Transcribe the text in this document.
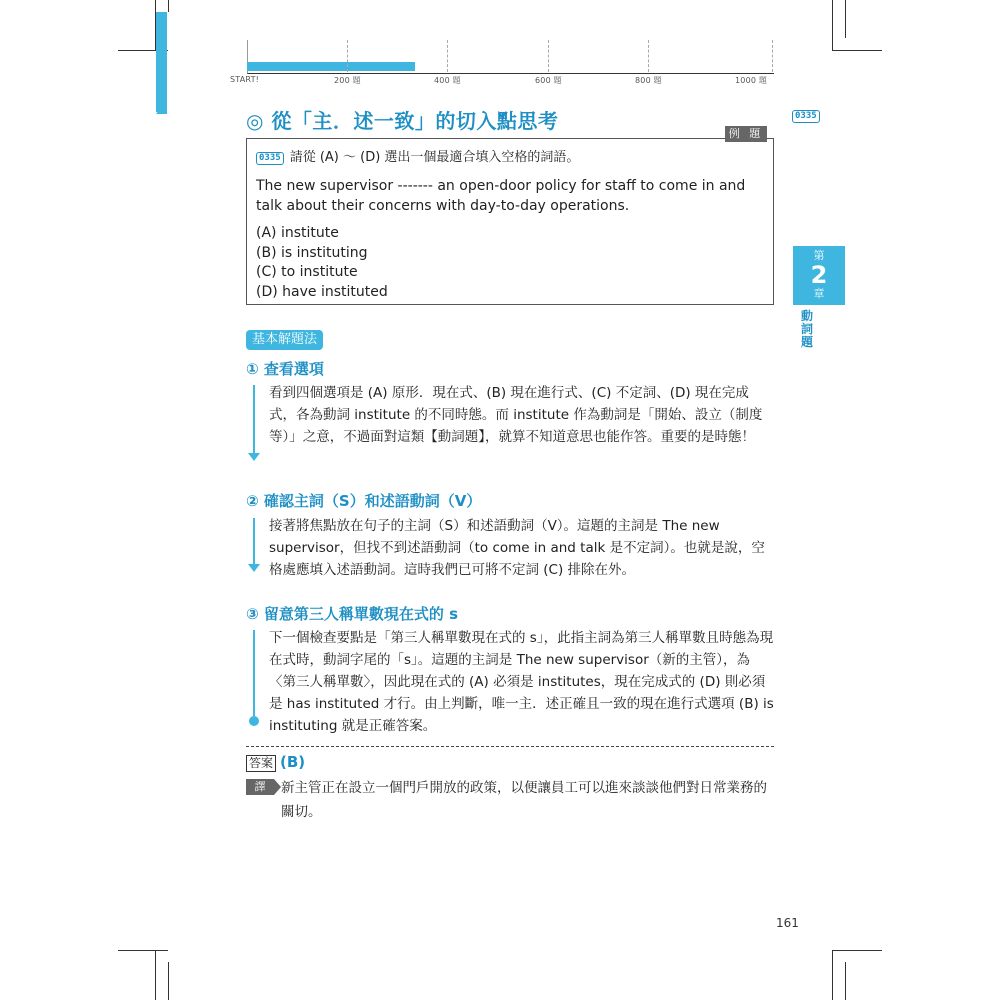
START!	200 題	400 題	600 題	800 題	1000 題
◎ 從「主．述一致」的切入點思考	0335
例 題
0335 請從 (A) ～ (D) 選出一個最適合填入空格的詞語。
The new supervisor ------- an open-door policy for staff to come in and talk about their concerns with day-to-day operations.
(A) institute
(B) is instituting
(C) to institute
(D) have instituted
第
2
章
動詞題
基本解題法
① 查看選項
看到四個選項是 (A) 原形．現在式、(B) 現在進行式、(C) 不定詞、(D) 現在完成式，各為動詞 institute 的不同時態。而 institute 作為動詞是「開始、設立（制度等）」之意，不過面對這類【動詞題】，就算不知道意思也能作答。重要的是時態！
② 確認主詞（S）和述語動詞（V）
接著將焦點放在句子的主詞（S）和述語動詞（V）。這題的主詞是 The new supervisor，但找不到述語動詞（to come in and talk 是不定詞）。也就是說，空格處應填入述語動詞。這時我們已可將不定詞 (C) 排除在外。
③ 留意第三人稱單數現在式的 s
下一個檢查要點是「第三人稱單數現在式的 s」，此指主詞為第三人稱單數且時態為現在式時，動詞字尾的「s」。這題的主詞是 The new supervisor（新的主管），為〈第三人稱單數〉，因此現在式的 (A) 必須是 institutes，現在完成式的 (D) 則必須是 has instituted 才行。由上判斷，唯一主．述正確且一致的現在進行式選項 (B) is instituting 就是正確答案。
答案 (B)
譯	新主管正在設立一個門戶開放的政策，以便讓員工可以進來談談他們對日常業務的關切。
161
